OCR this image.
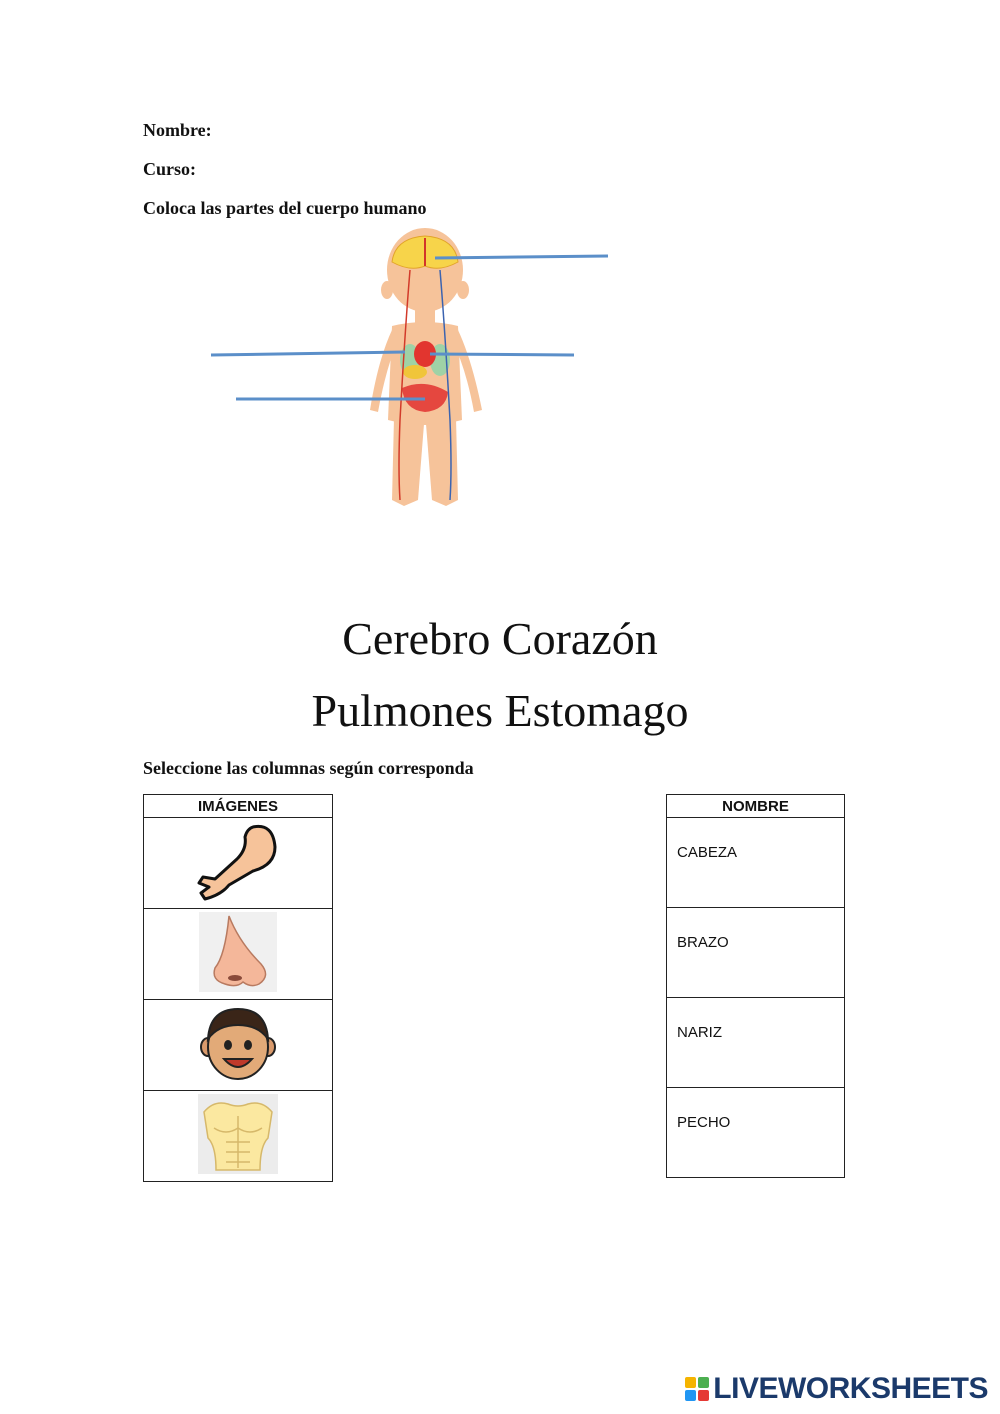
Nombre:
Curso:
Coloca las partes del cuerpo humano
Cerebro Corazón
Pulmones Estomago
Seleccione las columnas según corresponda
IMÁGENES	NOMBRE
CABEZA
BRAZO
NARIZ
PECHO
LIVEWORKSHEETS
